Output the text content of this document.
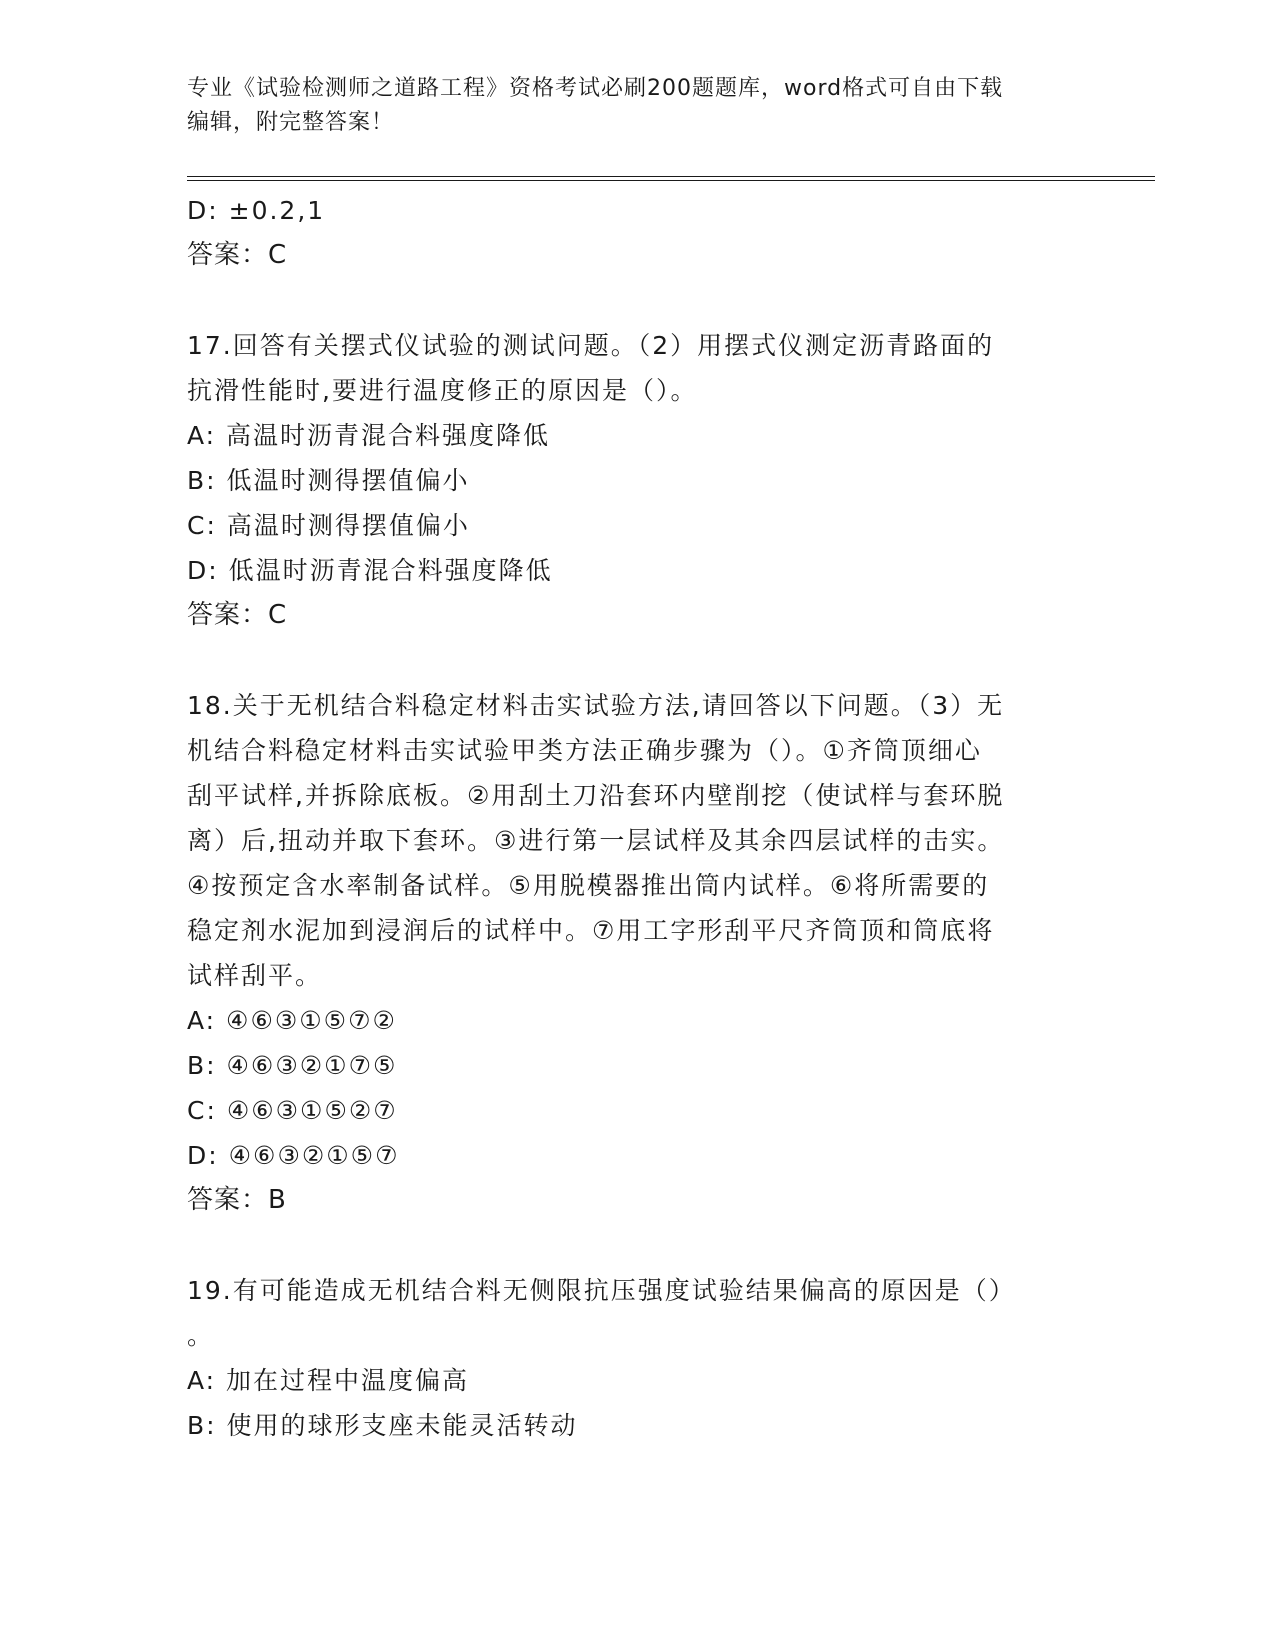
专业《试验检测师之道路工程》资格考试必刷200题题库，word格式可自由下载
编辑，附完整答案！
D: ±0.2,1
答案：C
17.回答有关摆式仪试验的测试问题。（2）用摆式仪测定沥青路面的
抗滑性能时,要进行温度修正的原因是（）。
A: 高温时沥青混合料强度降低
B: 低温时测得摆值偏小
C: 高温时测得摆值偏小
D: 低温时沥青混合料强度降低
答案：C
18.关于无机结合料稳定材料击实试验方法,请回答以下问题。（3）无
机结合料稳定材料击实试验甲类方法正确步骤为（）。①齐筒顶细心
刮平试样,并拆除底板。②用刮土刀沿套环内壁削挖（使试样与套环脱
离）后,扭动并取下套环。③进行第一层试样及其余四层试样的击实。
④按预定含水率制备试样。⑤用脱模器推出筒内试样。⑥将所需要的
稳定剂水泥加到浸润后的试样中。⑦用工字形刮平尺齐筒顶和筒底将
试样刮平。
A: ④⑥③①⑤⑦②
B: ④⑥③②①⑦⑤
C: ④⑥③①⑤②⑦
D: ④⑥③②①⑤⑦
答案：B
19.有可能造成无机结合料无侧限抗压强度试验结果偏高的原因是（）
。
A: 加在过程中温度偏高
B: 使用的球形支座未能灵活转动
